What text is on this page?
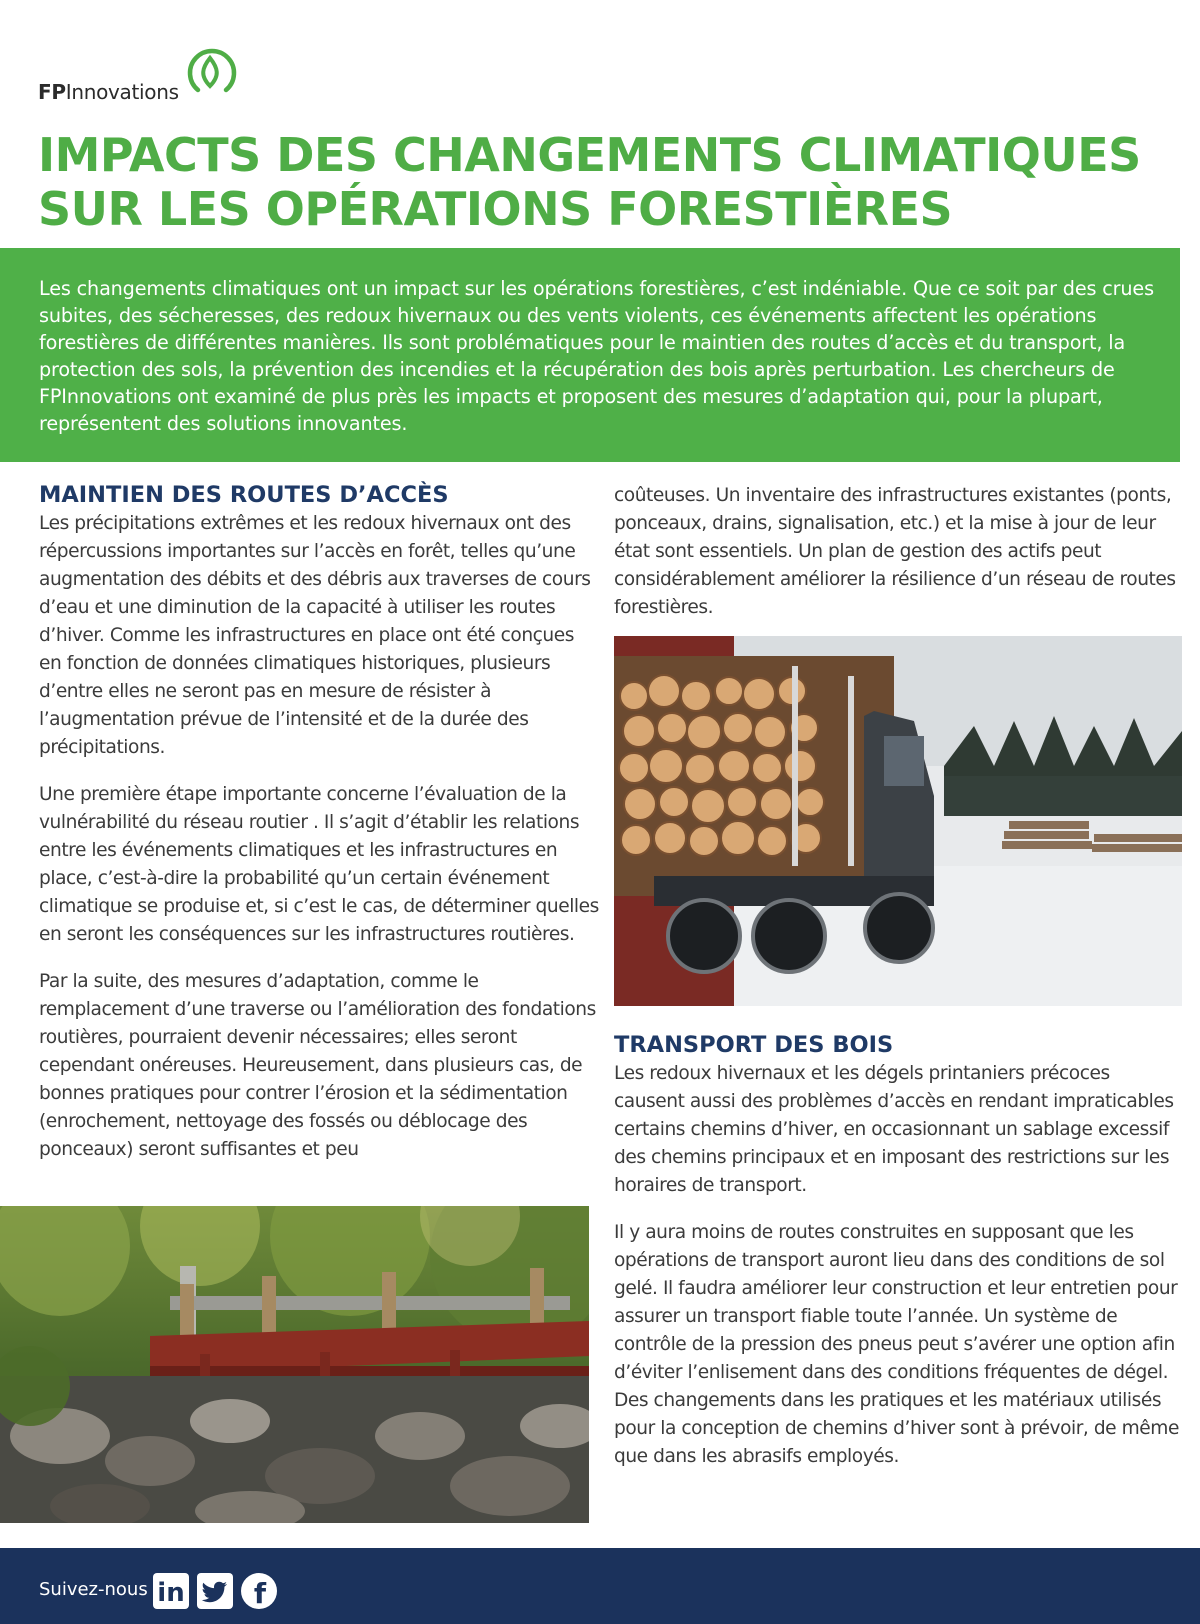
FPInnovations
IMPACTS DES CHANGEMENTS CLIMATIQUES
SUR LES OPÉRATIONS FORESTIÈRES

Les changements climatiques ont un impact sur les opérations forestières, c’est indéniable. Que ce soit par des crues subites, des sécheresses, des redoux hivernaux ou des vents violents, ces événements affectent les opérations forestières de différentes manières. Ils sont problématiques pour le maintien des routes d’accès et du transport, la protection des sols, la prévention des incendies et la récupération des bois après perturbation. Les chercheurs de FPInnovations ont examiné de plus près les impacts et proposent des mesures d’adaptation qui, pour la plupart, représentent des solutions innovantes.

MAINTIEN DES ROUTES D’ACCÈS

Les précipitations extrêmes et les redoux hivernaux ont des répercussions importantes sur l’accès en forêt, telles qu’une augmentation des débits et des débris aux traverses de cours d’eau et une diminution de la capacité à utiliser les routes d’hiver. Comme les infrastructures en place ont été conçues en fonction de données climatiques historiques, plusieurs d’entre elles ne seront pas en mesure de résister à l’augmentation prévue de l’intensité et de la durée des précipitations.

Une première étape importante concerne l’évaluation de la vulnérabilité du réseau routier . Il s’agit d’établir les relations entre les événements climatiques et les infrastructures en place, c’est-à-dire la probabilité qu’un certain événement climatique se produise et, si c’est le cas, de déterminer quelles en seront les conséquences sur les infrastructures routières.

Par la suite, des mesures d’adaptation, comme le remplacement d’une traverse ou l’amélioration des fondations routières, pourraient devenir nécessaires; elles seront cependant onéreuses. Heureusement, dans plusieurs cas, de bonnes pratiques pour contrer l’érosion et la sédimentation (enrochement, nettoyage des fossés ou déblocage des ponceaux) seront suffisantes et peu

coûteuses. Un inventaire des infrastructures existantes (ponts, ponceaux, drains, signalisation, etc.) et la mise à jour de leur état sont essentiels. Un plan de gestion des actifs peut considérablement améliorer la résilience d’un réseau de routes forestières.

TRANSPORT DES BOIS

Les redoux hivernaux et les dégels printaniers précoces causent aussi des problèmes d’accès en rendant impraticables certains chemins d’hiver, en occasionnant un sablage excessif des chemins principaux et en imposant des restrictions sur les horaires de transport.

Il y aura moins de routes construites en supposant que les opérations de transport auront lieu dans des conditions de sol gelé. Il faudra améliorer leur construction et leur entretien pour assurer un transport fiable toute l’année. Un système de contrôle de la pression des pneus peut s’avérer une option afin d’éviter l’enlisement dans des conditions fréquentes de dégel. Des changements dans les pratiques et les matériaux utilisés pour la conception de chemins d’hiver sont à prévoir, de même que dans les abrasifs employés.

Suivez-nous in f
